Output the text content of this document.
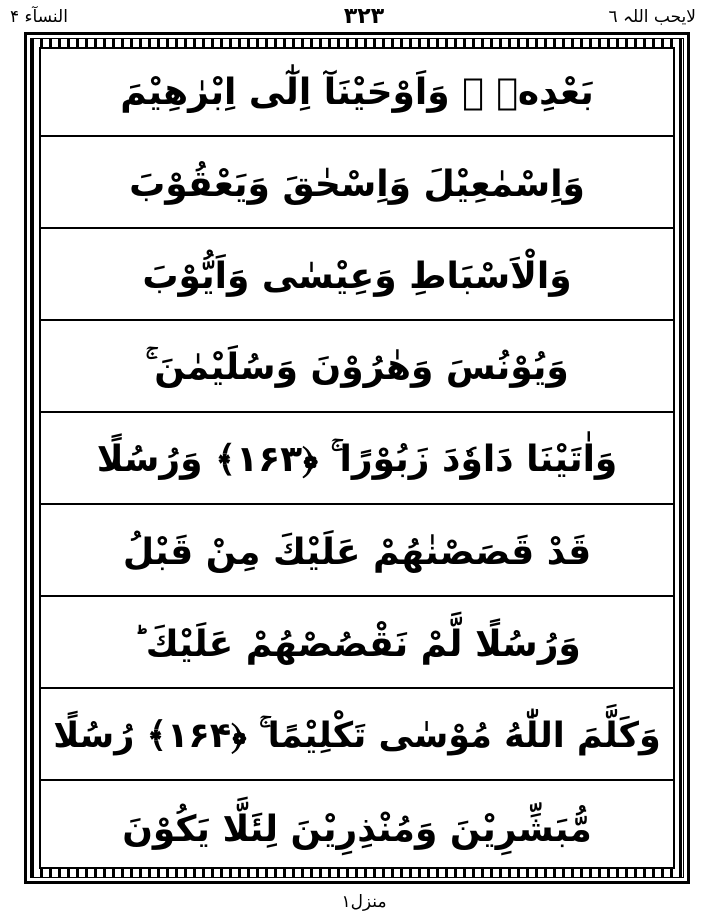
النسآء ۴	۳۲۳	لایحب اللہ ٦
بَعْدِهٖ ۚ وَاَوْحَيْنَآ اِلٰٓى اِبْرٰهِيْمَ
وَاِسْمٰعِيْلَ وَاِسْحٰقَ وَيَعْقُوْبَ
وَالْاَسْبَاطِ وَعِيْسٰى وَاَيُّوْبَ
وَيُوْنُسَ وَهٰرُوْنَ وَسُلَيْمٰنَ ۚ
وَاٰتَيْنَا دَاوٗدَ زَبُوْرًا ۚ ﴿۱۶۳﴾ وَرُسُلًا
قَدْ قَصَصْنٰهُمْ عَلَيْكَ مِنْ قَبْلُ
وَرُسُلًا لَّمْ نَقْصُصْهُمْ عَلَيْكَ ؕ
وَكَلَّمَ اللّٰهُ مُوْسٰى تَكْلِيْمًا ۚ ﴿۱۶۴﴾ رُسُلًا
مُّبَشِّرِيْنَ وَمُنْذِرِيْنَ لِئَلَّا يَكُوْنَ
منزل۱
